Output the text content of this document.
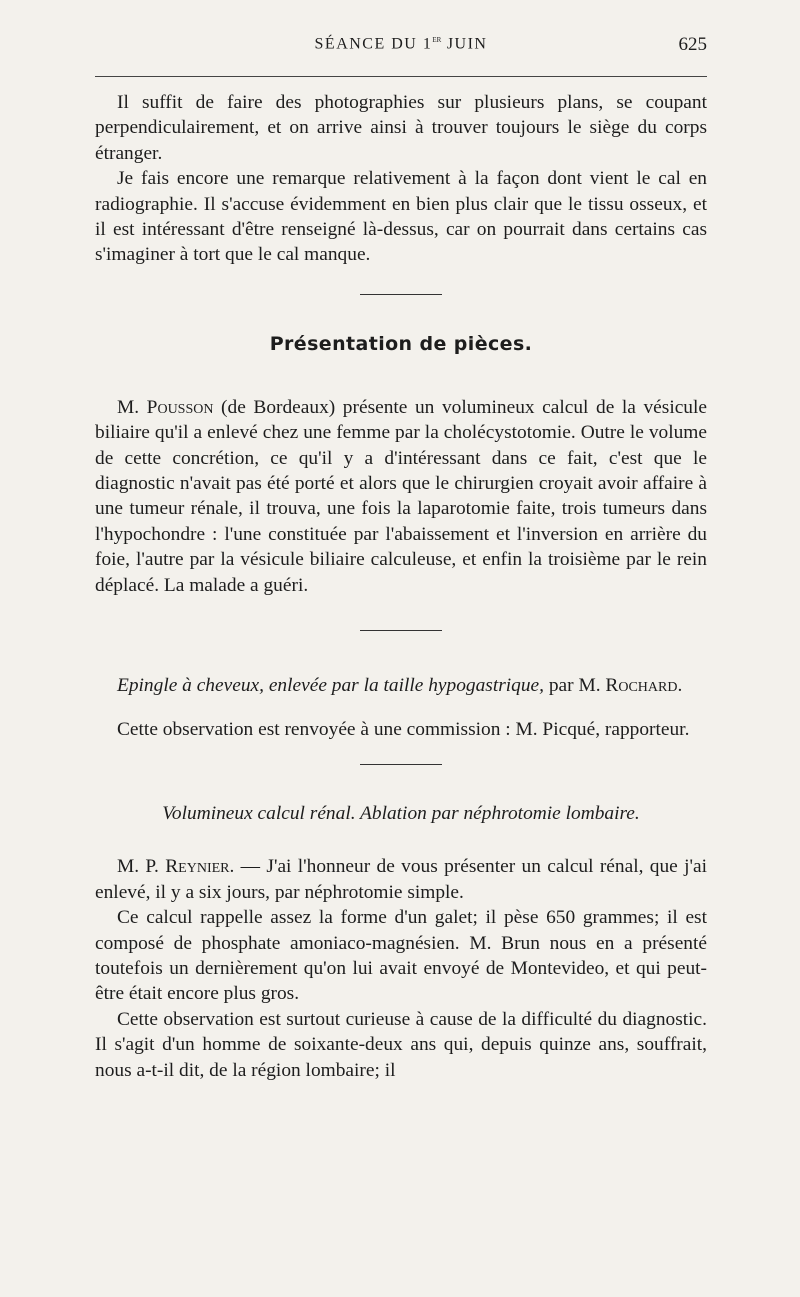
SÉANCE DU 1er JUIN	625

Il suffit de faire des photographies sur plusieurs plans, se coupant perpendiculairement, et on arrive ainsi à trouver toujours le siège du corps étranger.

Je fais encore une remarque relativement à la façon dont vient le cal en radiographie. Il s'accuse évidemment en bien plus clair que le tissu osseux, et il est intéressant d'être renseigné là-dessus, car on pourrait dans certains cas s'imaginer à tort que le cal manque.

Présentation de pièces.

M. Pousson (de Bordeaux) présente un volumineux calcul de la vésicule biliaire qu'il a enlevé chez une femme par la cholécystotomie. Outre le volume de cette concrétion, ce qu'il y a d'intéressant dans ce fait, c'est que le diagnostic n'avait pas été porté et alors que le chirurgien croyait avoir affaire à une tumeur rénale, il trouva, une fois la laparotomie faite, trois tumeurs dans l'hypochondre : l'une constituée par l'abaissement et l'inversion en arrière du foie, l'autre par la vésicule biliaire calculeuse, et enfin la troisième par le rein déplacé. La malade a guéri.

Epingle à cheveux, enlevée par la taille hypogastrique, par M. Rochard.

Cette observation est renvoyée à une commission : M. Picqué, rapporteur.

Volumineux calcul rénal. Ablation par néphrotomie lombaire.

M. P. Reynier. — J'ai l'honneur de vous présenter un calcul rénal, que j'ai enlevé, il y a six jours, par néphrotomie simple.

Ce calcul rappelle assez la forme d'un galet; il pèse 650 grammes; il est composé de phosphate amoniaco-magnésien. M. Brun nous en a présenté toutefois un dernièrement qu'on lui avait envoyé de Montevideo, et qui peut-être était encore plus gros.

Cette observation est surtout curieuse à cause de la difficulté du diagnostic. Il s'agit d'un homme de soixante-deux ans qui, depuis quinze ans, souffrait, nous a-t-il dit, de la région lombaire; il
